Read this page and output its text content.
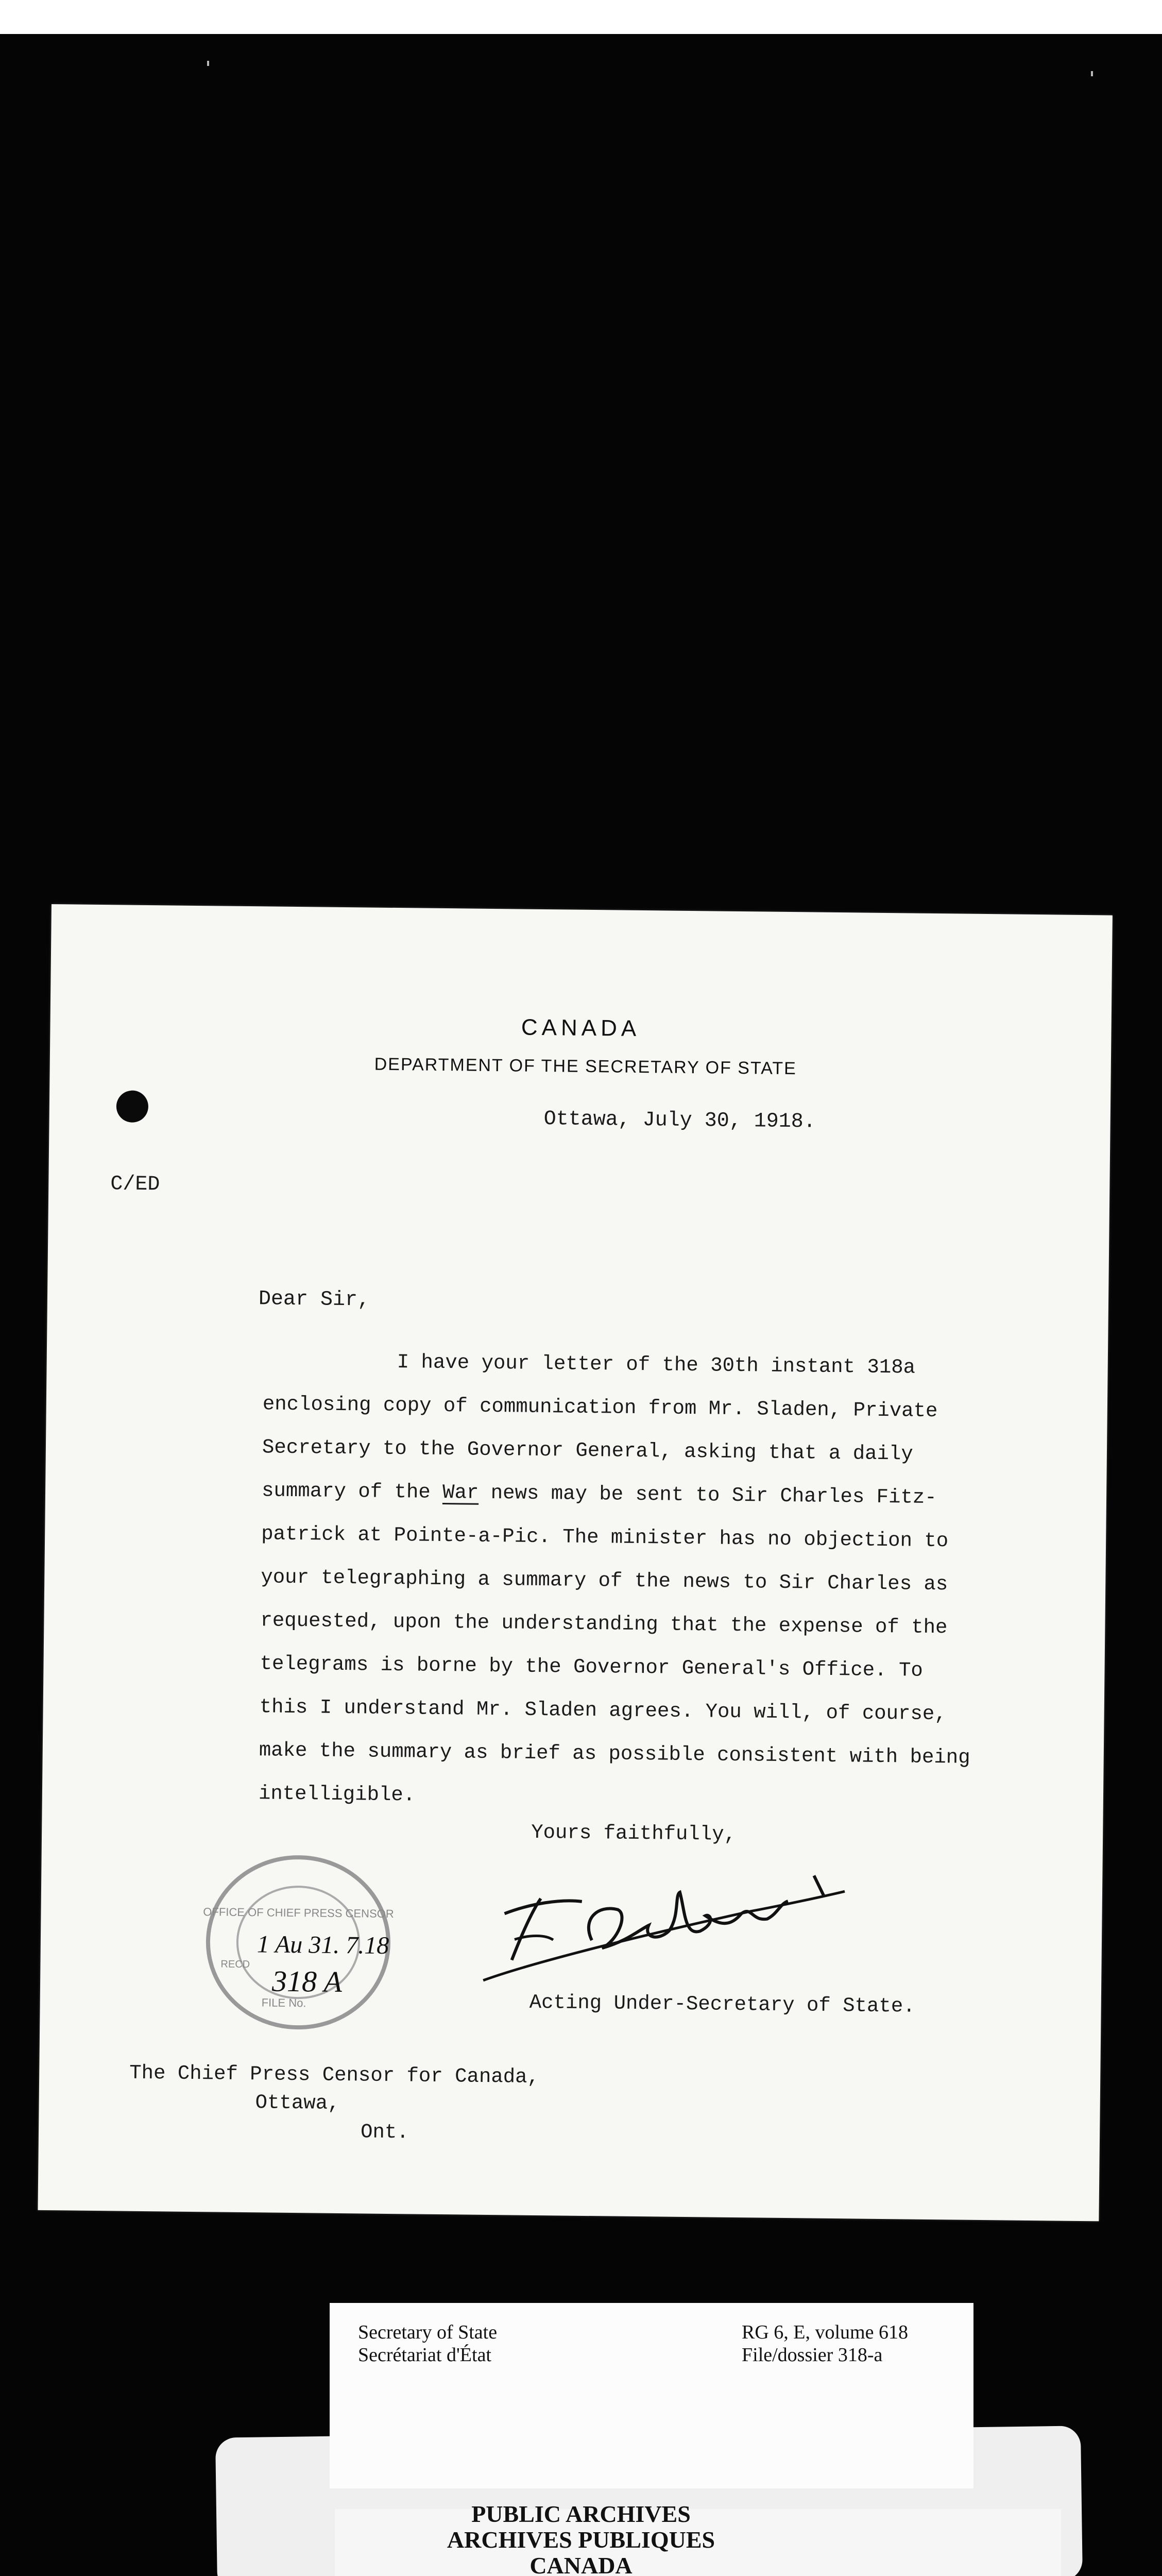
CANADA
DEPARTMENT OF THE SECRETARY OF STATE
Ottawa, July 30, 1918.
C/ED
Dear Sir,
I have your letter of the 30th instant 318a
enclosing copy of communication from Mr. Sladen, Private
Secretary to the Governor General, asking that a daily
summary of the War news may be sent to Sir Charles Fitz-
patrick at Pointe-a-Pic. The minister has no objection to
your telegraphing a summary of the news to Sir Charles as
requested, upon the understanding that the expense of the
telegrams is borne by the Governor General's Office. To
this I understand Mr. Sladen agrees. You will, of course,
make the summary as brief as possible consistent with being
intelligible.
Yours faithfully,
OFFICE OF CHIEF PRESS CENSOR
RECD
FILE No.
1 Au 31. 7.18
318 A
Acting Under-Secretary of State.
The Chief Press Censor for Canada,
Ottawa,
Ont.
Secretary of State
Secrétariat d'État
RG 6, E, volume 618
File/dossier 318-a
PUBLIC ARCHIVES
ARCHIVES PUBLIQUES
CANADA
